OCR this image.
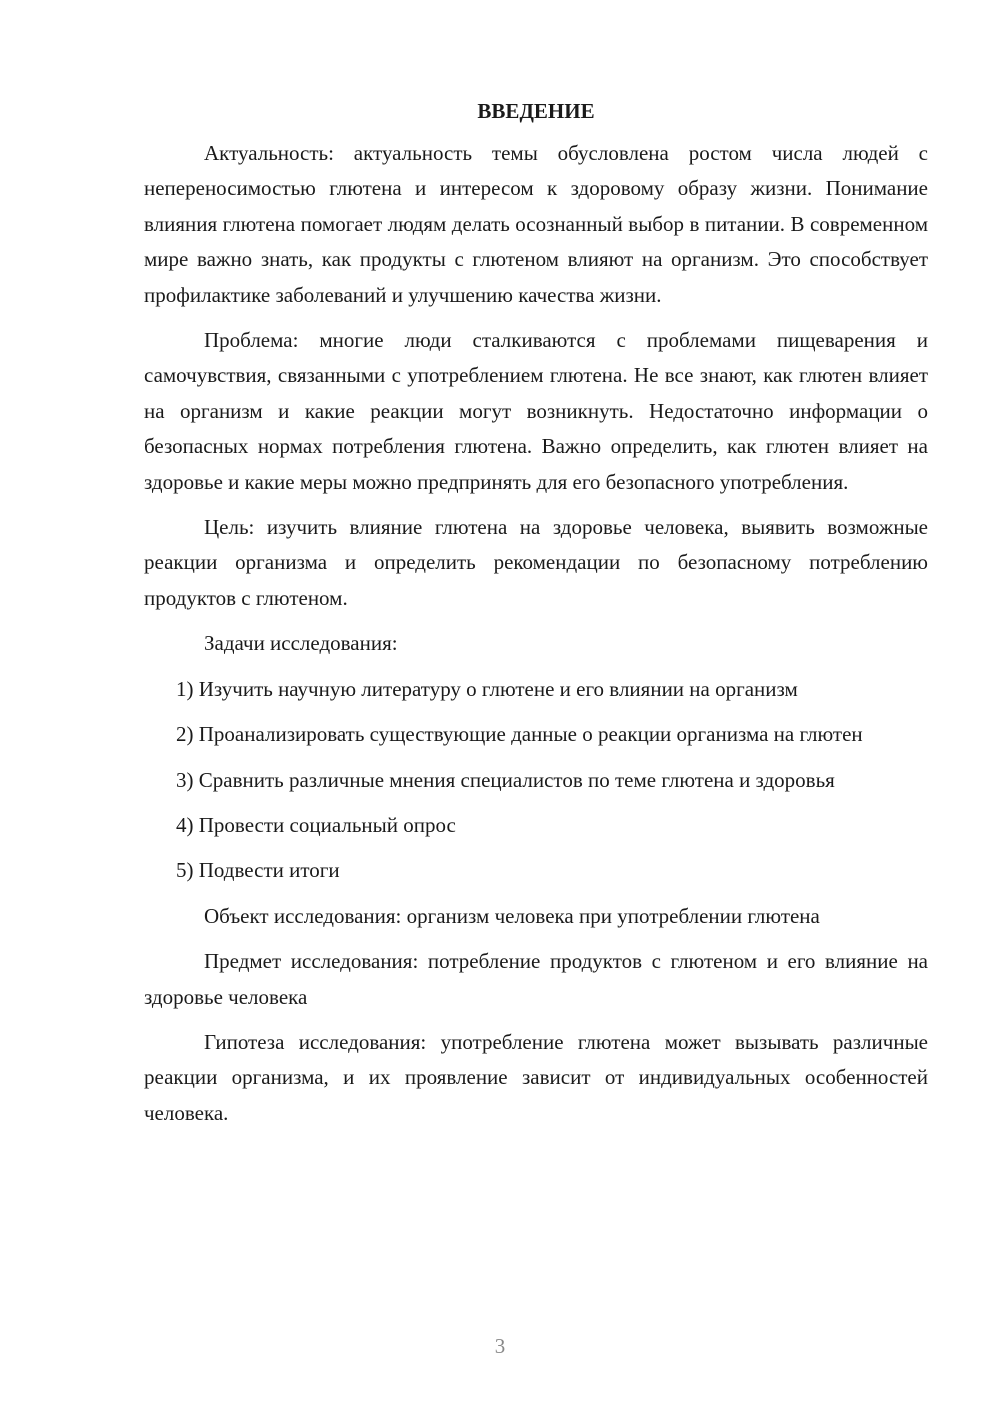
ВВЕДЕНИЕ

Актуальность: актуальность темы обусловлена ростом числа людей с непереносимостью глютена и интересом к здоровому образу жизни. Понимание влияния глютена помогает людям делать осознанный выбор в питании. В современном мире важно знать, как продукты с глютеном влияют на организм. Это способствует профилактике заболеваний и улучшению качества жизни.

Проблема: многие люди сталкиваются с проблемами пищеварения и самочувствия, связанными с употреблением глютена. Не все знают, как глютен влияет на организм и какие реакции могут возникнуть. Недостаточно информации о безопасных нормах потребления глютена. Важно определить, как глютен влияет на здоровье и какие меры можно предпринять для его безопасного употребления.

Цель: изучить влияние глютена на здоровье человека, выявить возможные реакции организма и определить рекомендации по безопасному потреблению продуктов с глютеном.

Задачи исследования:

1) Изучить научную литературу о глютене и его влиянии на организм

2) Проанализировать существующие данные о реакции организма на глютен

3) Сравнить различные мнения специалистов по теме глютена и здоровья

4) Провести социальный опрос

5) Подвести итоги

Объект исследования: организм человека при употреблении глютена

Предмет исследования: потребление продуктов с глютеном и его влияние на здоровье человека

Гипотеза исследования: употребление глютена может вызывать различные реакции организма, и их проявление зависит от индивидуальных особенностей человека.

3
